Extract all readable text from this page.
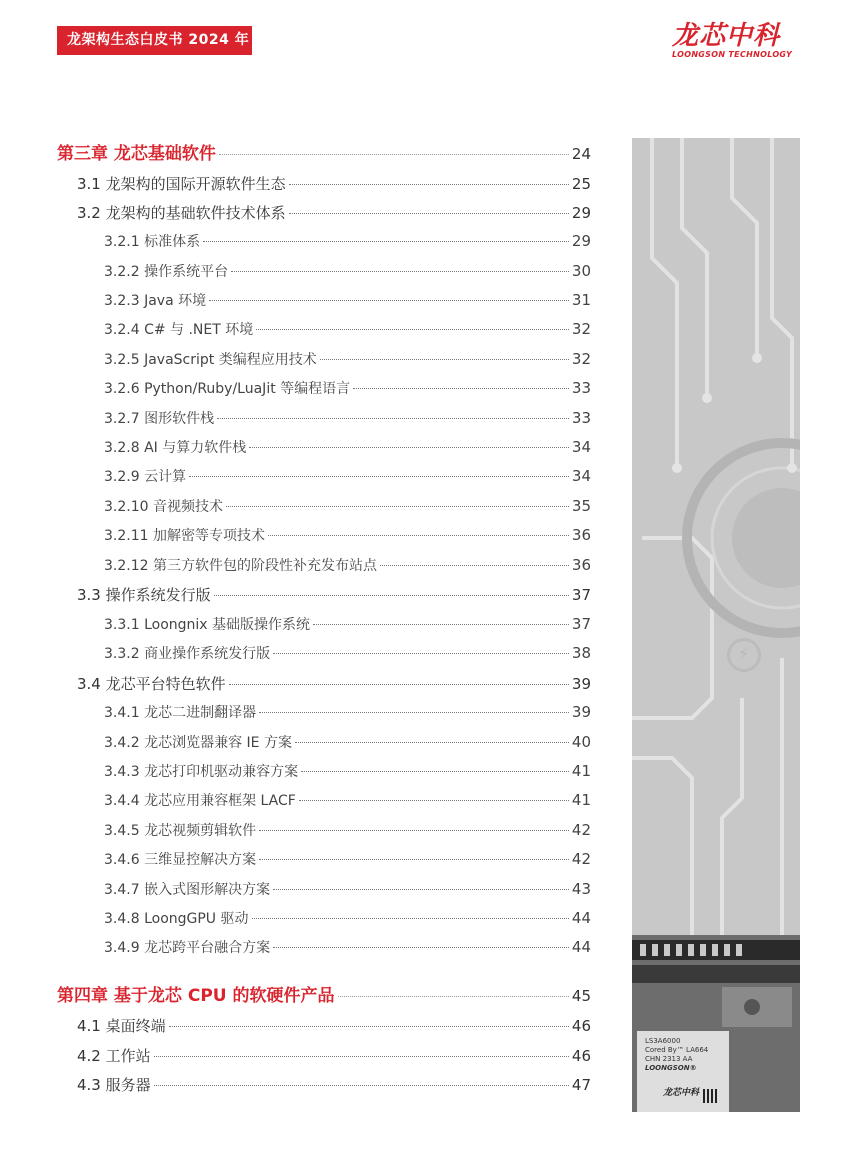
龙架构生态白皮书 2024 年	龙芯中科
LOONGSON TECHNOLOGY
⚡
LS3A6000
Cored By™ LA664
CHN 2313 AA
LOONGSON®
龙芯中科
第三章 龙芯基础软件	24
3.1 龙架构的国际开源软件生态	25
3.2 龙架构的基础软件技术体系	29
3.2.1 标准体系	29
3.2.2 操作系统平台	30
3.2.3 Java 环境	31
3.2.4 C# 与 .NET 环境	32
3.2.5 JavaScript 类编程应用技术	32
3.2.6 Python/Ruby/LuaJit 等编程语言	33
3.2.7 图形软件栈	33
3.2.8 AI 与算力软件栈	34
3.2.9 云计算	34
3.2.10 音视频技术	35
3.2.11 加解密等专项技术	36
3.2.12 第三方软件包的阶段性补充发布站点	36
3.3 操作系统发行版	37
3.3.1 Loongnix 基础版操作系统	37
3.3.2 商业操作系统发行版	38
3.4 龙芯平台特色软件	39
3.4.1 龙芯二进制翻译器	39
3.4.2 龙芯浏览器兼容 IE 方案	40
3.4.3 龙芯打印机驱动兼容方案	41
3.4.4 龙芯应用兼容框架 LACF	41
3.4.5 龙芯视频剪辑软件	42
3.4.6 三维显控解决方案	42
3.4.7 嵌入式图形解决方案	43
3.4.8 LoongGPU 驱动	44
3.4.9 龙芯跨平台融合方案	44
第四章 基于龙芯 CPU 的软硬件产品	45
4.1 桌面终端	46
4.2 工作站	46
4.3 服务器	47
